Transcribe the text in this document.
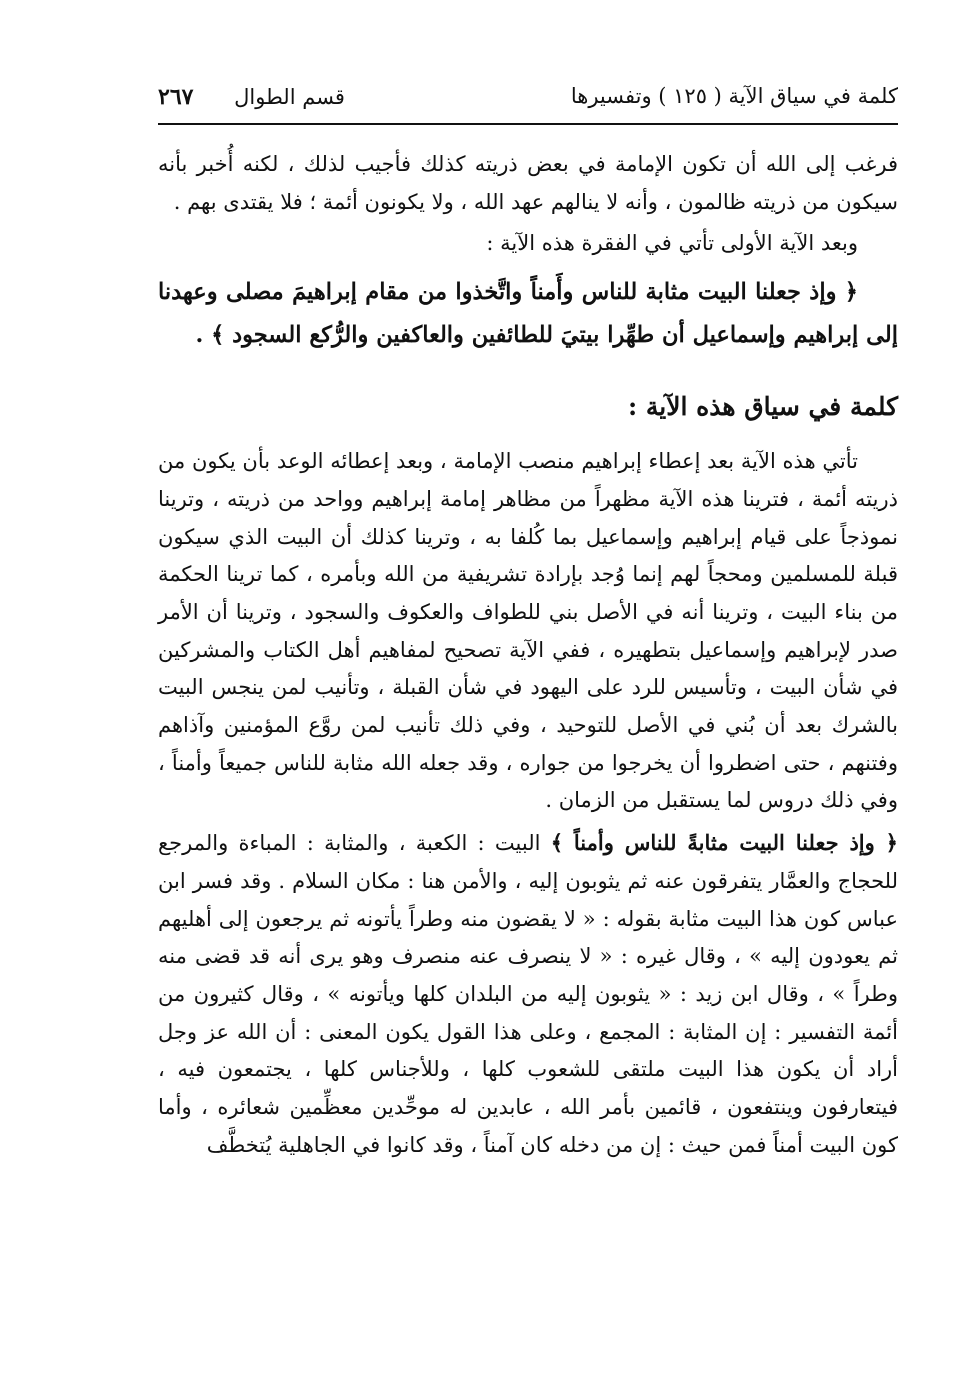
كلمة في سياق الآية ( ١٢٥ ) وتفسيرها
قسم الطوال ٢٦٧

فرغب إلى الله أن تكون الإمامة في بعض ذريته كذلك فأجيب لذلك ، لكنه أُخبر بأنه سيكون من ذريته ظالمون ، وأنه لا ينالهم عهد الله ، ولا يكونون أئمة ؛ فلا يقتدى بهم .

وبعد الآية الأولى تأتي في الفقرة هذه الآية :

﴿ وإذ جعلنا البيت مثابة للناس وأَمناً واتَّخذوا من مقام إبراهيمَ مصلى وعهدنا إلى إبراهيم وإسماعيل أن طهِّرا بيتيَ للطائفين والعاكفين والرُّكع السجود ﴾ .

كلمة في سياق هذه الآية :

تأتي هذه الآية بعد إعطاء إبراهيم منصب الإمامة ، وبعد إعطائه الوعد بأن يكون من ذريته أئمة ، فترينا هذه الآية مظهراً من مظاهر إمامة إبراهيم وواحد من ذريته ، وترينا نموذجاً على قيام إبراهيم وإسماعيل بما كُلفا به ، وترينا كذلك أن البيت الذي سيكون قبلة للمسلمين ومحجاً لهم إنما وُجد بإرادة تشريفية من الله وبأمره ، كما ترينا الحكمة من بناء البيت ، وترينا أنه في الأصل بني للطواف والعكوف والسجود ، وترينا أن الأمر صدر لإبراهيم وإسماعيل بتطهيره ، ففي الآية تصحيح لمفاهيم أهل الكتاب والمشركين في شأن البيت ، وتأسيس للرد على اليهود في شأن القبلة ، وتأنيب لمن ينجس البيت بالشرك بعد أن بُني في الأصل للتوحيد ، وفي ذلك تأنيب لمن روَّع المؤمنين وآذاهم وفتنهم ، حتى اضطروا أن يخرجوا من جواره ، وقد جعله الله مثابة للناس جميعاً وأمناً ، وفي ذلك دروس لما يستقبل من الزمان .

﴿ وإذ جعلنا البيت مثابةً للناس وأمناً ﴾ البيت : الكعبة ، والمثابة : المباءة والمرجع للحجاج والعمَّار يتفرقون عنه ثم يثوبون إليه ، والأمن هنا : مكان السلام . وقد فسر ابن عباس كون هذا البيت مثابة بقوله : « لا يقضون منه وطراً يأتونه ثم يرجعون إلى أهليهم ثم يعودون إليه » ، وقال غيره : « لا ينصرف عنه منصرف وهو يرى أنه قد قضى منه وطراً » ، وقال ابن زيد : « يثوبون إليه من البلدان كلها ويأتونه » ، وقال كثيرون من أئمة التفسير : إن المثابة : المجمع ، وعلى هذا القول يكون المعنى : أن الله عز وجل أراد أن يكون هذا البيت ملتقى للشعوب كلها ، وللأجناس كلها ، يجتمعون فيه ، فيتعارفون وينتفعون ، قائمين بأمر الله ، عابدين له موحِّدين معظِّمين شعائره ، وأما كون البيت أمناً فمن حيث : إن من دخله كان آمناً ، وقد كانوا في الجاهلية يُتخطَّف
